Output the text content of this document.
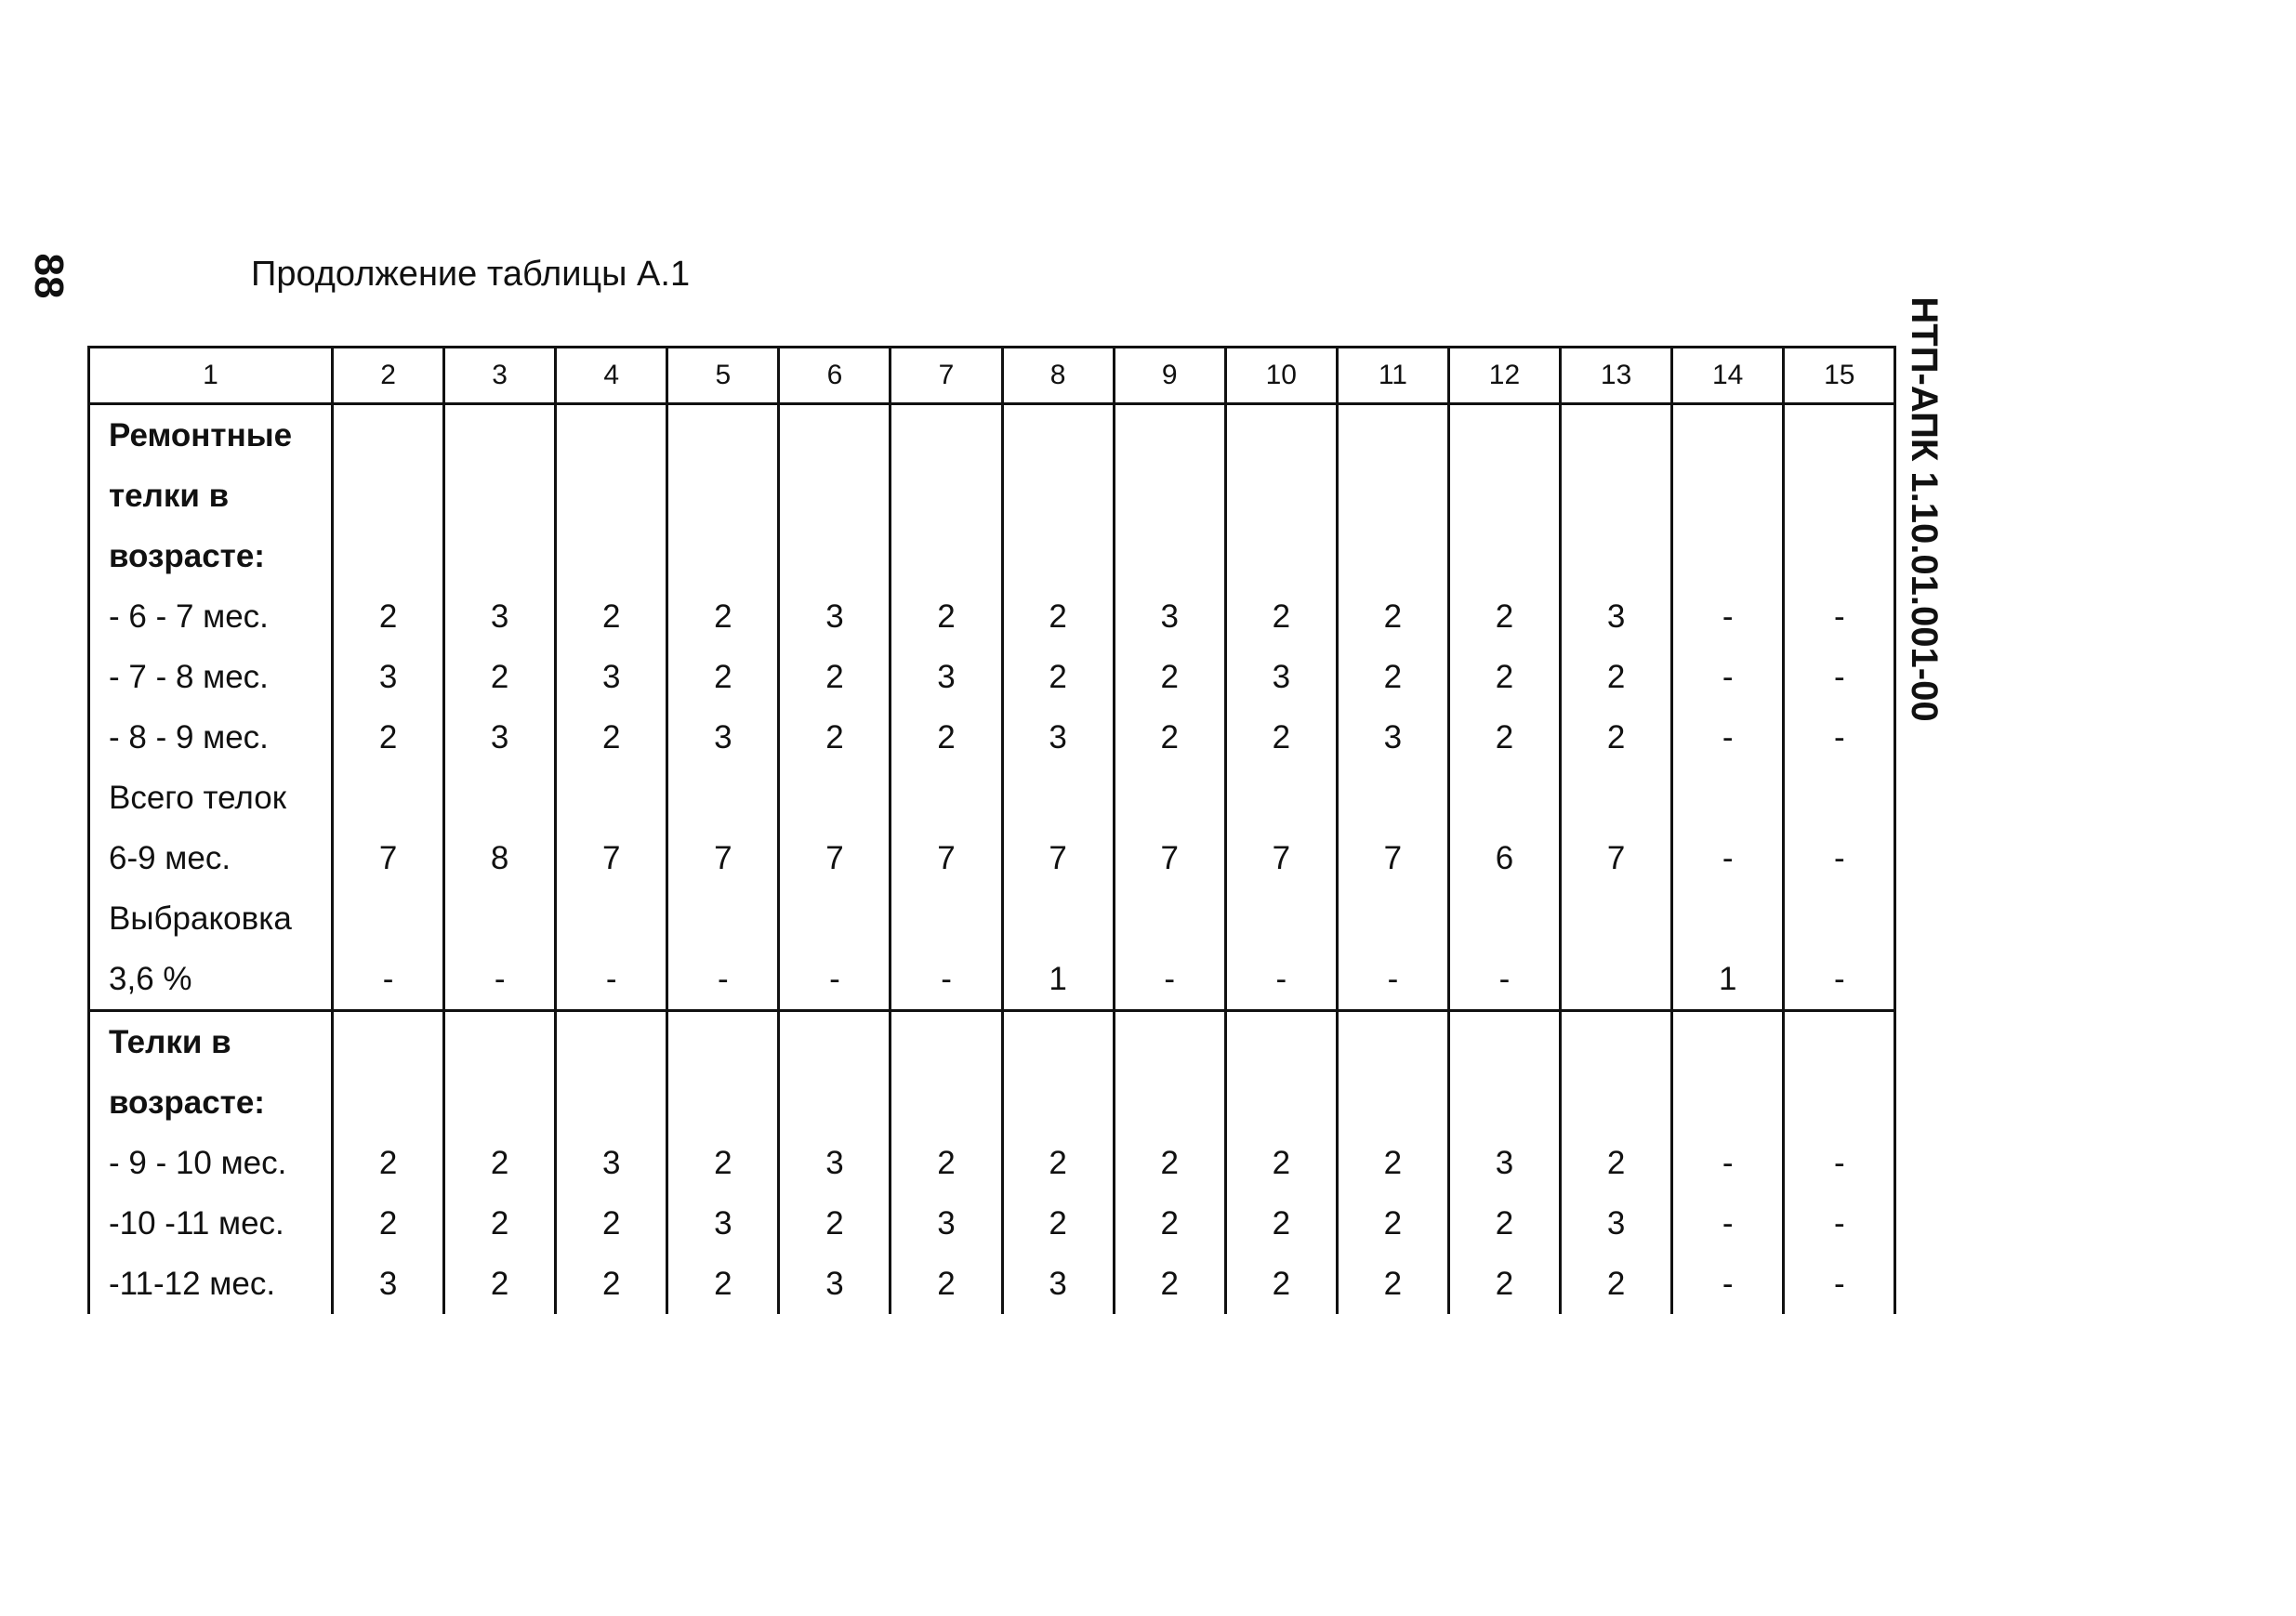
88	Продолжение таблицы А.1
НТП-АПК 1.10.01.001-00
1	2	3	4	5	6	7	8	9	10	11	12	13	14	15
Ремонтные														
телки в														
возрасте:														
- 6 - 7 мес.	2	3	2	2	3	2	2	3	2	2	2	3	-	-
- 7 - 8 мес.	3	2	3	2	2	3	2	2	3	2	2	2	-	-
- 8 - 9 мес.	2	3	2	3	2	2	3	2	2	3	2	2	-	-
Всего телок														
6-9 мес.	7	8	7	7	7	7	7	7	7	7	6	7	-	-
Выбраковка														
3,6 %	-	-	-	-	-	-	1	-	-	-	-		1	-
Телки в														
возрасте:														
- 9 - 10 мес.	2	2	3	2	3	2	2	2	2	2	3	2	-	-
-10 -11 мес.	2	2	2	3	2	3	2	2	2	2	2	3	-	-
-11-12 мес.	3	2	2	2	3	2	3	2	2	2	2	2	-	-
